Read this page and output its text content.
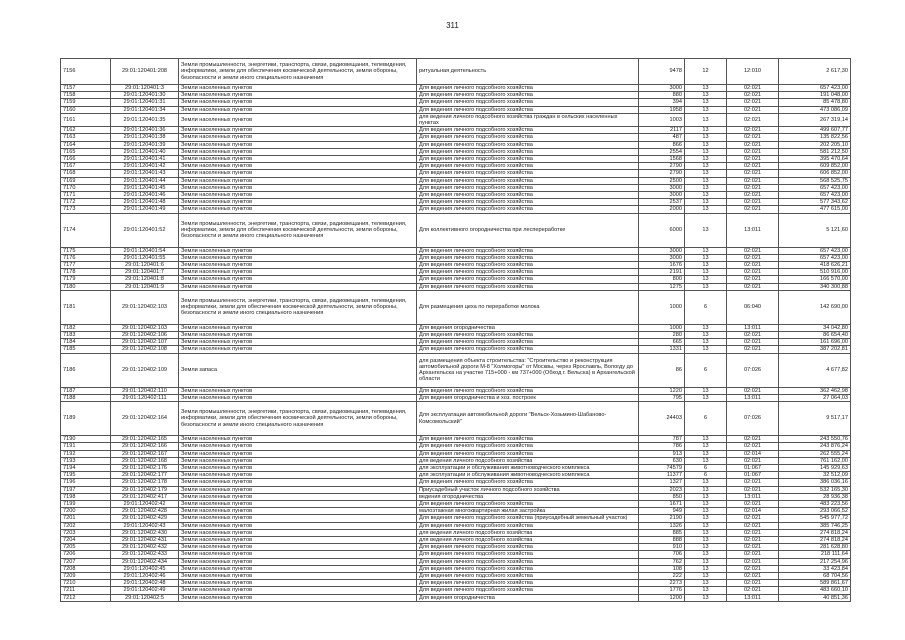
311
7156	29:01:120401:208	Земли промышленности, энергетики, транспорта, связи, радиовещания, телевидения, информатики, земли для обеспечения космической деятельности, земли обороны, безопасности и земли иного специального назначения	ритуальная деятельность	9478	12	12:010	2 617,30
7157	29:01:120401:3	Земли населенных пунктов	Для ведения личного подсобного хозяйства	3000	13	02:021	657 423,00
7158	29:01:120401:30	Земли населенных пунктов	Для ведения личного подсобного хозяйства	880	13	02:021	191 048,00
7159	29:01:120401:31	Земли населенных пунктов	Для ведения личного подсобного хозяйства	394	13	02:021	85 478,80
7160	29:01:120401:34	Земли населенных пунктов	Для ведения личного подсобного хозяйства	1958	13	02:021	473 086,09
7161	29:01:120401:35	Земли населенных пунктов	для ведения личного подсобного хозяйства граждан в сельских населенных пунктах	1003	13	02:021	267 319,14
7162	29:01:120401:36	Земли населенных пунктов	Для ведения личного подсобного хозяйства	2117	13	02:021	499 607,77
7163	29:01:120401:38	Земли населенных пунктов	Для ведения личного подсобного хозяйства	487	13	02:021	135 822,56
7164	29:01:120401:39	Земли населенных пунктов	Для ведения личного подсобного хозяйства	866	13	02:021	202 205,10
7165	29:01:120401:40	Земли населенных пунктов	Для ведения личного подсобного хозяйства	2554	13	02:021	581 212,50
7166	29:01:120401:41	Земли населенных пунктов	Для ведения личного подсобного хозяйства	1568	13	02:021	395 470,64
7167	29:01:120401:42	Земли населенных пунктов	Для ведения личного подсобного хозяйства	2790	13	02:021	609 852,00
7168	29:01:120401:43	Земли населенных пунктов	Для ведения личного подсобного хозяйства	2790	13	02:021	606 852,00
7169	29:01:120401:44	Земли населенных пунктов	Для ведения личного подсобного хозяйства	2500	13	02:021	568 525,75
7170	29:01:120401:45	Земли населенных пунктов	Для ведения личного подсобного хозяйства	3000	13	02:021	657 423,00
7171	29:01:120401:46	Земли населенных пунктов	Для ведения личного подсобного хозяйства	3000	13	02:021	657 423,00
7172	29:01:120401:48	Земли населенных пунктов	Для ведения личного подсобного хозяйства	2537	13	02:021	577 343,62
7173	29:01:120401:49	Земли населенных пунктов	Для ведения личного подсобного хозяйства	2000	13	02:021	477 615,00
7174	29:01:120401:52	Земли промышленности, энергетики, транспорта, связи, радиовещания, телевидения, информатики, земли для обеспечения космической деятельности, земли обороны, безопасности и земли иного специального назначения	Для коллективного огородничества при леспереработке	6000	13	13:011	5 121,60
7175	29:01:120401:54	Земли населенных пунктов	Для ведения личного подсобного хозяйства	3000	13	02:021	657 423,00
7176	29:01:120401:55	Земли населенных пунктов	Для ведения личного подсобного хозяйства	3000	13	02:021	657 423,00
7177	29:01:120401:6	Земли населенных пунктов	Для ведения личного подсобного хозяйства	1676	13	02:021	418 626,21
7178	29:01:120401:7	Земли населенных пунктов	Для ведения личного подсобного хозяйства	2191	13	02:021	510 916,00
7179	29:01:120401:8	Земли населенных пунктов	Для ведения личного подсобного хозяйства	800	13	02:021	166 570,00
7180	29:01:120401:9	Земли населенных пунктов	Для ведения личного подсобного хозяйства	1275	13	02:021	340 300,88
7181	29:01:120402:103	Земли промышленности, энергетики, транспорта, связи, радиовещания, телевидения, информатики, земли для обеспечения космической деятельности, земли обороны, безопасности и земли иного специального назначения	Для размещения цеха по переработке молока	1000	6	06:040	142 690,00
7182	29:01:120402:103	Земли населенных пунктов	Для ведения огородничества	1000	13	13:011	34 042,80
7183	29:01:120402:106	Земли населенных пунктов	Для ведения личного подсобного хозяйства	280	13	02:021	86 654,40
7184	29:01:120402:107	Земли населенных пунктов	Для ведения личного подсобного хозяйства	665	13	02:021	161 696,00
7185	29:01:120402:108	Земли населенных пунктов	Для ведения личного подсобного хозяйства	1331	13	02:021	387 202,81
7186	29:01:120402:109	Земли запаса	для размещения объекта строительства: "Строительство и реконструкция автомобильной дороги М-8 "Холмогоры" от Москвы, через Ярославль, Вологду до Архангельска на участке 715+000 - км 737+000 (Обход г. Вельска) в Архангельской области	86	6	07:026	4 677,82
7187	29:01:120402:110	Земли населенных пунктов	Для ведения личного подсобного хозяйства	1220	13	02:021	362 462,98
7188	29:01:120402:111	Земли населенных пунктов	Для ведения огородничества и хоз. построек	795	13	13:011	27 064,03
7189	29:01:120402:164	Земли промышленности, энергетики, транспорта, связи, радиовещания, телевидения, информатики, земли для обеспечения космической деятельности, земли обороны, безопасности и земли иного специального назначения	Для эксплуатации автомобильной дороги "Вельск-Хозьмино-Шабаново-Комсомольский"	24403	6	07:026	9 517,17
7190	29:01:120402:165	Земли населенных пунктов	Для ведения личного подсобного хозяйства	787	13	02:021	243 550,76
7191	29:01:120402:166	Земли населенных пунктов	Для ведения личного подсобного хозяйства	786	13	02:021	243 876,24
7192	29:01:120402:167	Земли населенных пунктов	Для ведения личного подсобного хозяйства	913	13	02:014	262 555,24
7193	29:01:120402:168	Земли населенных пунктов	для ведения личного подсобного хозяйства	630	13	02:021	761 162,00
7194	29:01:120402:176	Земли населенных пунктов	для эксплуатации и обслуживания животноводческого комплекса	74579	6	01:067	145 929,63
7195	29:01:120402:177	Земли населенных пунктов	для эксплуатации и обслуживания животноводческого комплекса	11377	6	01:067	32 512,09
7196	29:01:120402:178	Земли населенных пунктов	Для ведения личного подсобного хозяйства	1327	13	02:021	386 036,16
7197	29:01:120402:179	Земли населенных пунктов	Приусадебный участок личного подсобного хозяйства	2023	13	02:021	532 165,30
7198	29:01:120402:417	Земли населенных пунктов	ведения огородничества	850	13	13:011	28 936,38
7199	29:01:120402:42	Земли населенных пунктов	Для ведения личного подсобного хозяйства	1671	13	02:021	483 223,56
7200	29:01:120402:428	Земли населенных пунктов	малоэтажная многоквартирная жилая застройка	949	13	02:014	293 066,52
7201	29:01:120402:429	Земли населенных пунктов	Для ведения личного подсобного хозяйства (приусадебный земельный участок)	2190	13	02:021	545 977,72
7202	29:01:120402:43	Земли населенных пунктов	Для ведения личного подсобного хозяйства	1326	13	02:021	385 746,25
7203	29:01:120402:430	Земли населенных пунктов	для ведения личного подсобного хозяйства	885	13	02:021	274 818,24
7204	29:01:120402:431	Земли населенных пунктов	для ведения личного подсобного хозяйства	888	13	02:021	274 818,24
7205	29:01:120402:432	Земли населенных пунктов	Для ведения личного подсобного хозяйства	910	13	02:021	281 628,80
7206	29:01:120402:433	Земли населенных пунктов	Для ведения личного подсобного хозяйства	706	13	02:021	218 111,64
7207	29:01:120402:434	Земли населенных пунктов	Для ведения личного подсобного хозяйства	762	13	02:021	217 254,96
7208	29:01:120402:45	Земли населенных пунктов	Для ведения личного подсобного хозяйства	108	13	02:021	33 423,84
7209	29:01:120402:46	Земли населенных пунктов	Для ведения личного подсобного хозяйства	222	13	02:021	68 704,56
7210	29:01:120402:48	Земли населенных пунктов	Для ведения личного подсобного хозяйства	2273	13	02:021	589 861,67
7211	29:01:120402:49	Земли населенных пунктов	Для ведения личного подсобного хозяйства	1776	13	02:021	483 660,10
7212	29:01:120402:5	Земли населенных пунктов	Для ведения огородничества	1200	13	13:011	40 851,36
